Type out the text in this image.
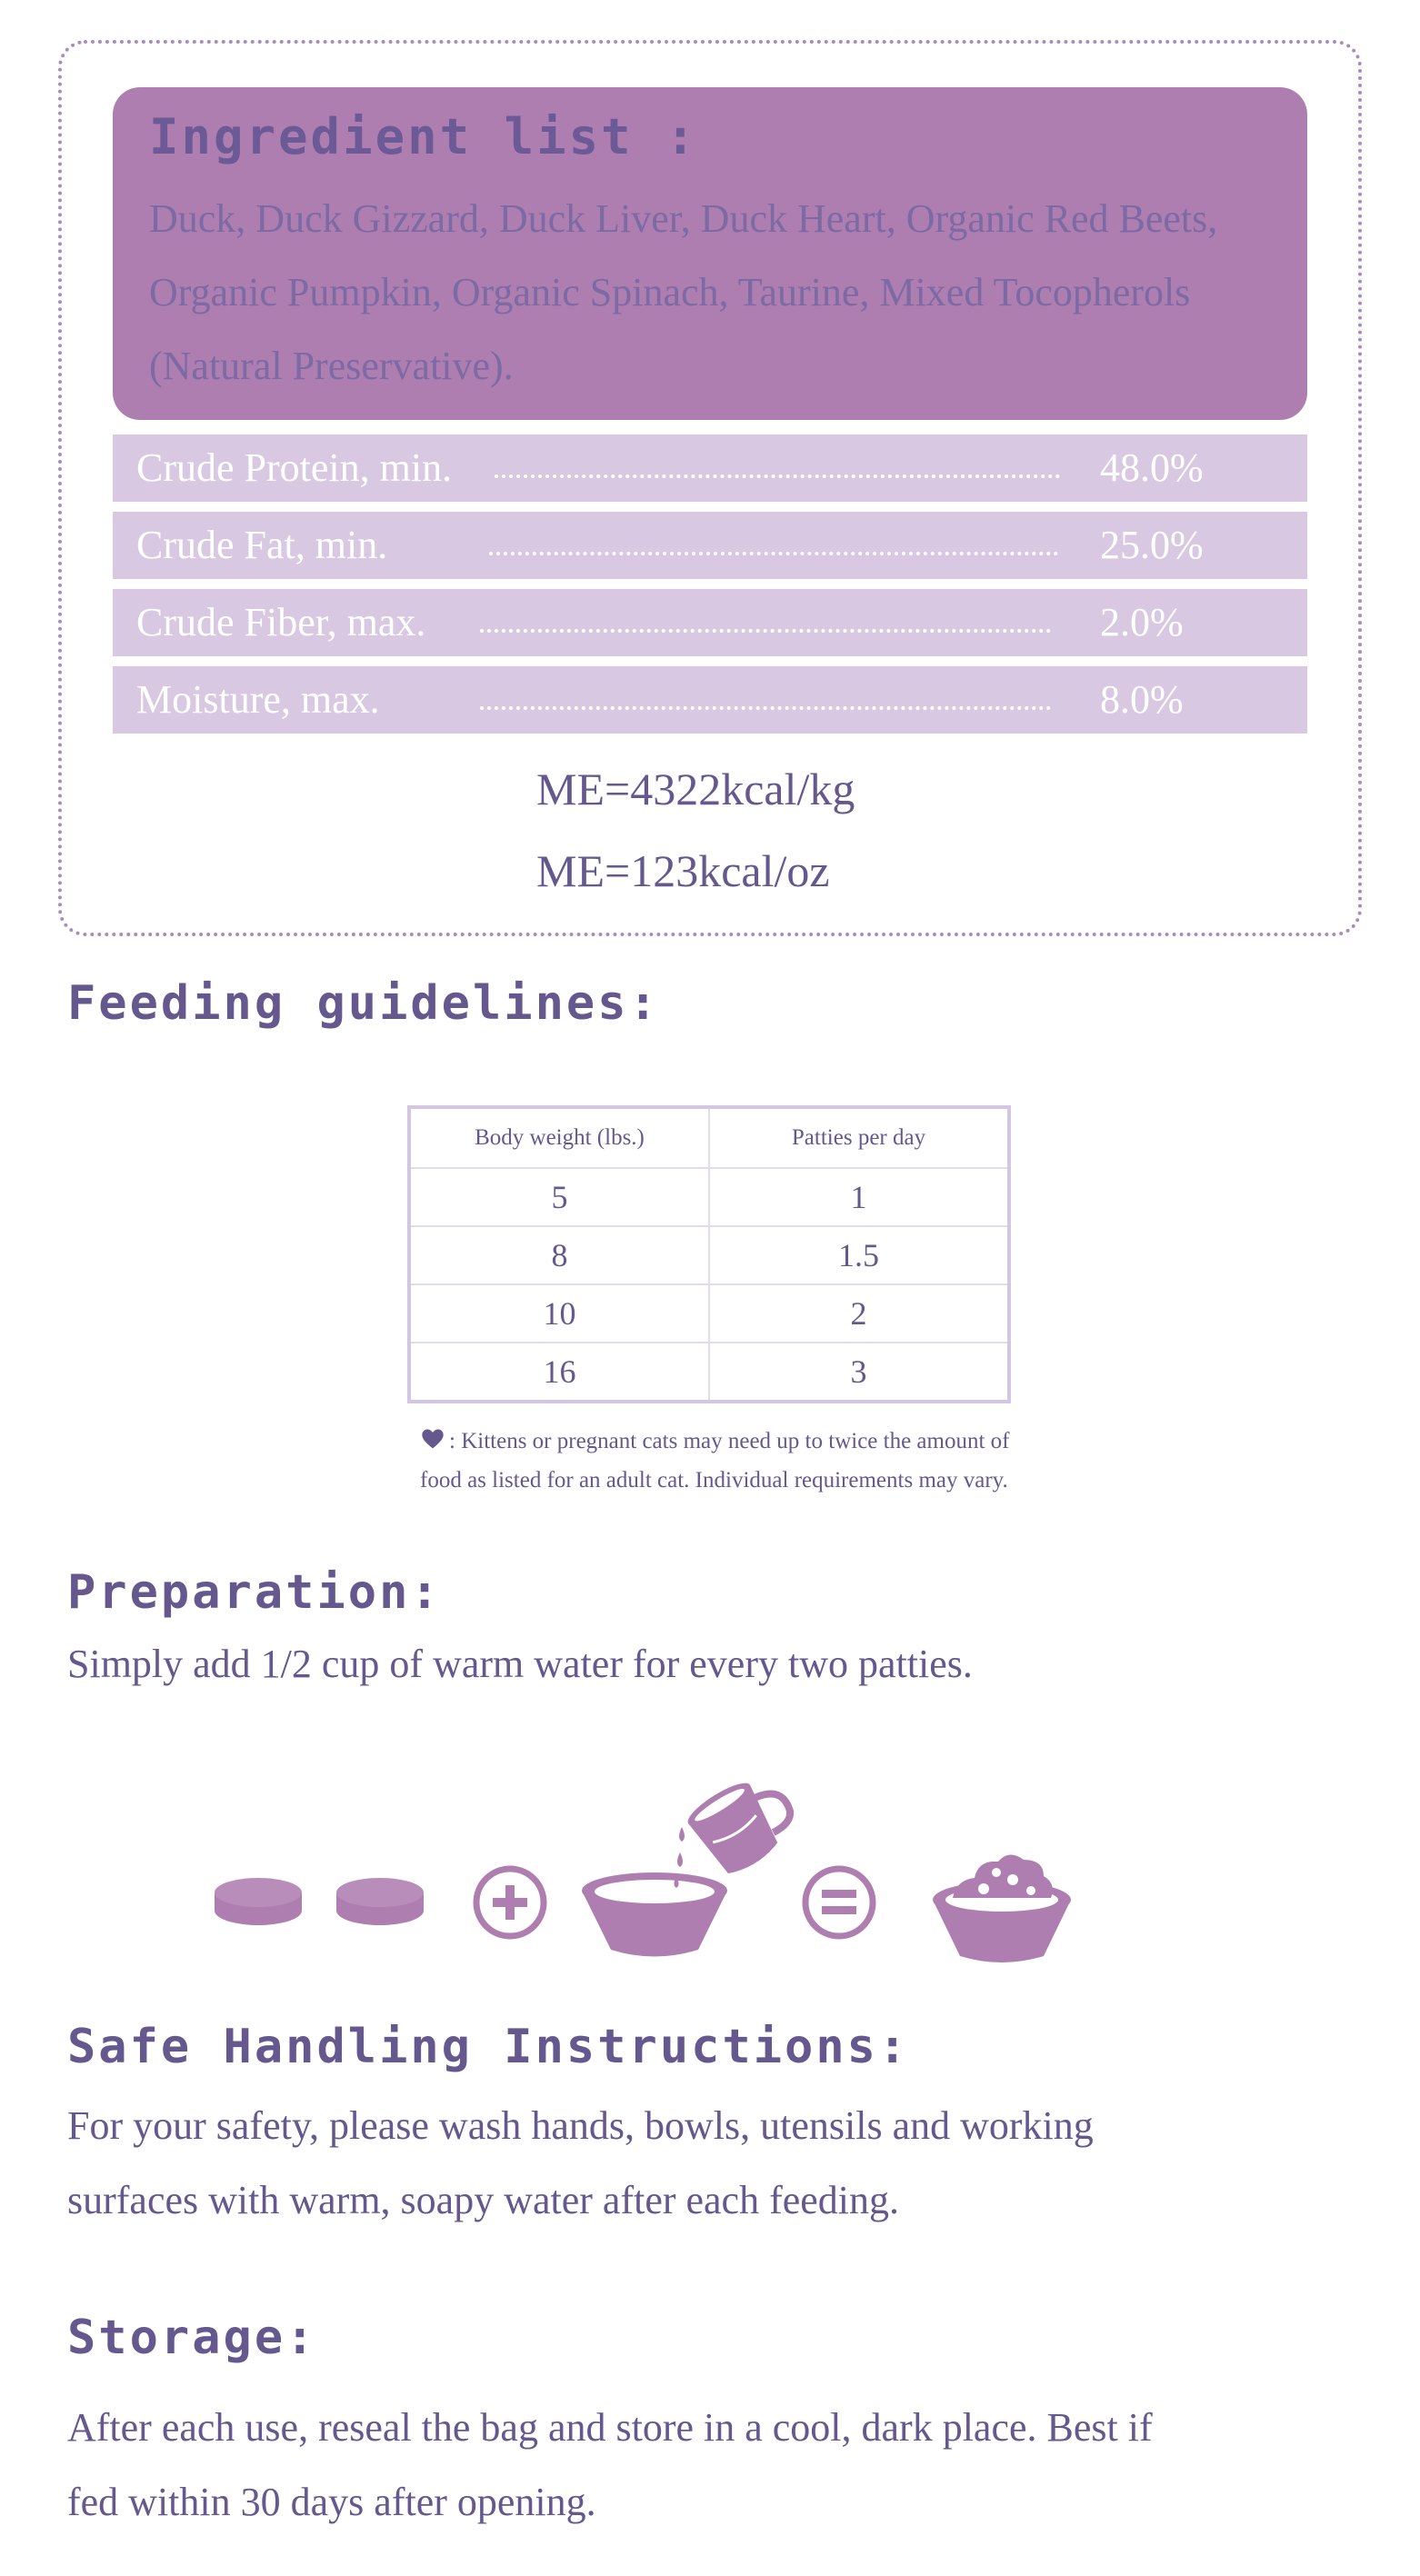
Ingredient list :

Duck, Duck Gizzard, Duck Liver, Duck Heart, Organic Red Beets,
Organic Pumpkin, Organic Spinach, Taurine, Mixed Tocopherols
(Natural Preservative).

Crude Protein, min.	48.0%
Crude Fat, min.	25.0%
Crude Fiber, max.	2.0%
Moisture, max.	8.0%
ME=4322kcal/kg
ME=123kcal/oz
Feeding guidelines:
Body weight (lbs.)	Patties per day
5	1
8	1.5
10	2
16	3
: Kittens or pregnant cats may need up to twice the amount of
food as listed for an adult cat. Individual requirements may vary.
Preparation:
Simply add 1/2 cup of warm water for every two patties.
Safe Handling Instructions:
For your safety, please wash hands, bowls, utensils and working
surfaces with warm, soapy water after each feeding.
Storage:
After each use, reseal the bag and store in a cool, dark place. Best if
fed within 30 days after opening.
